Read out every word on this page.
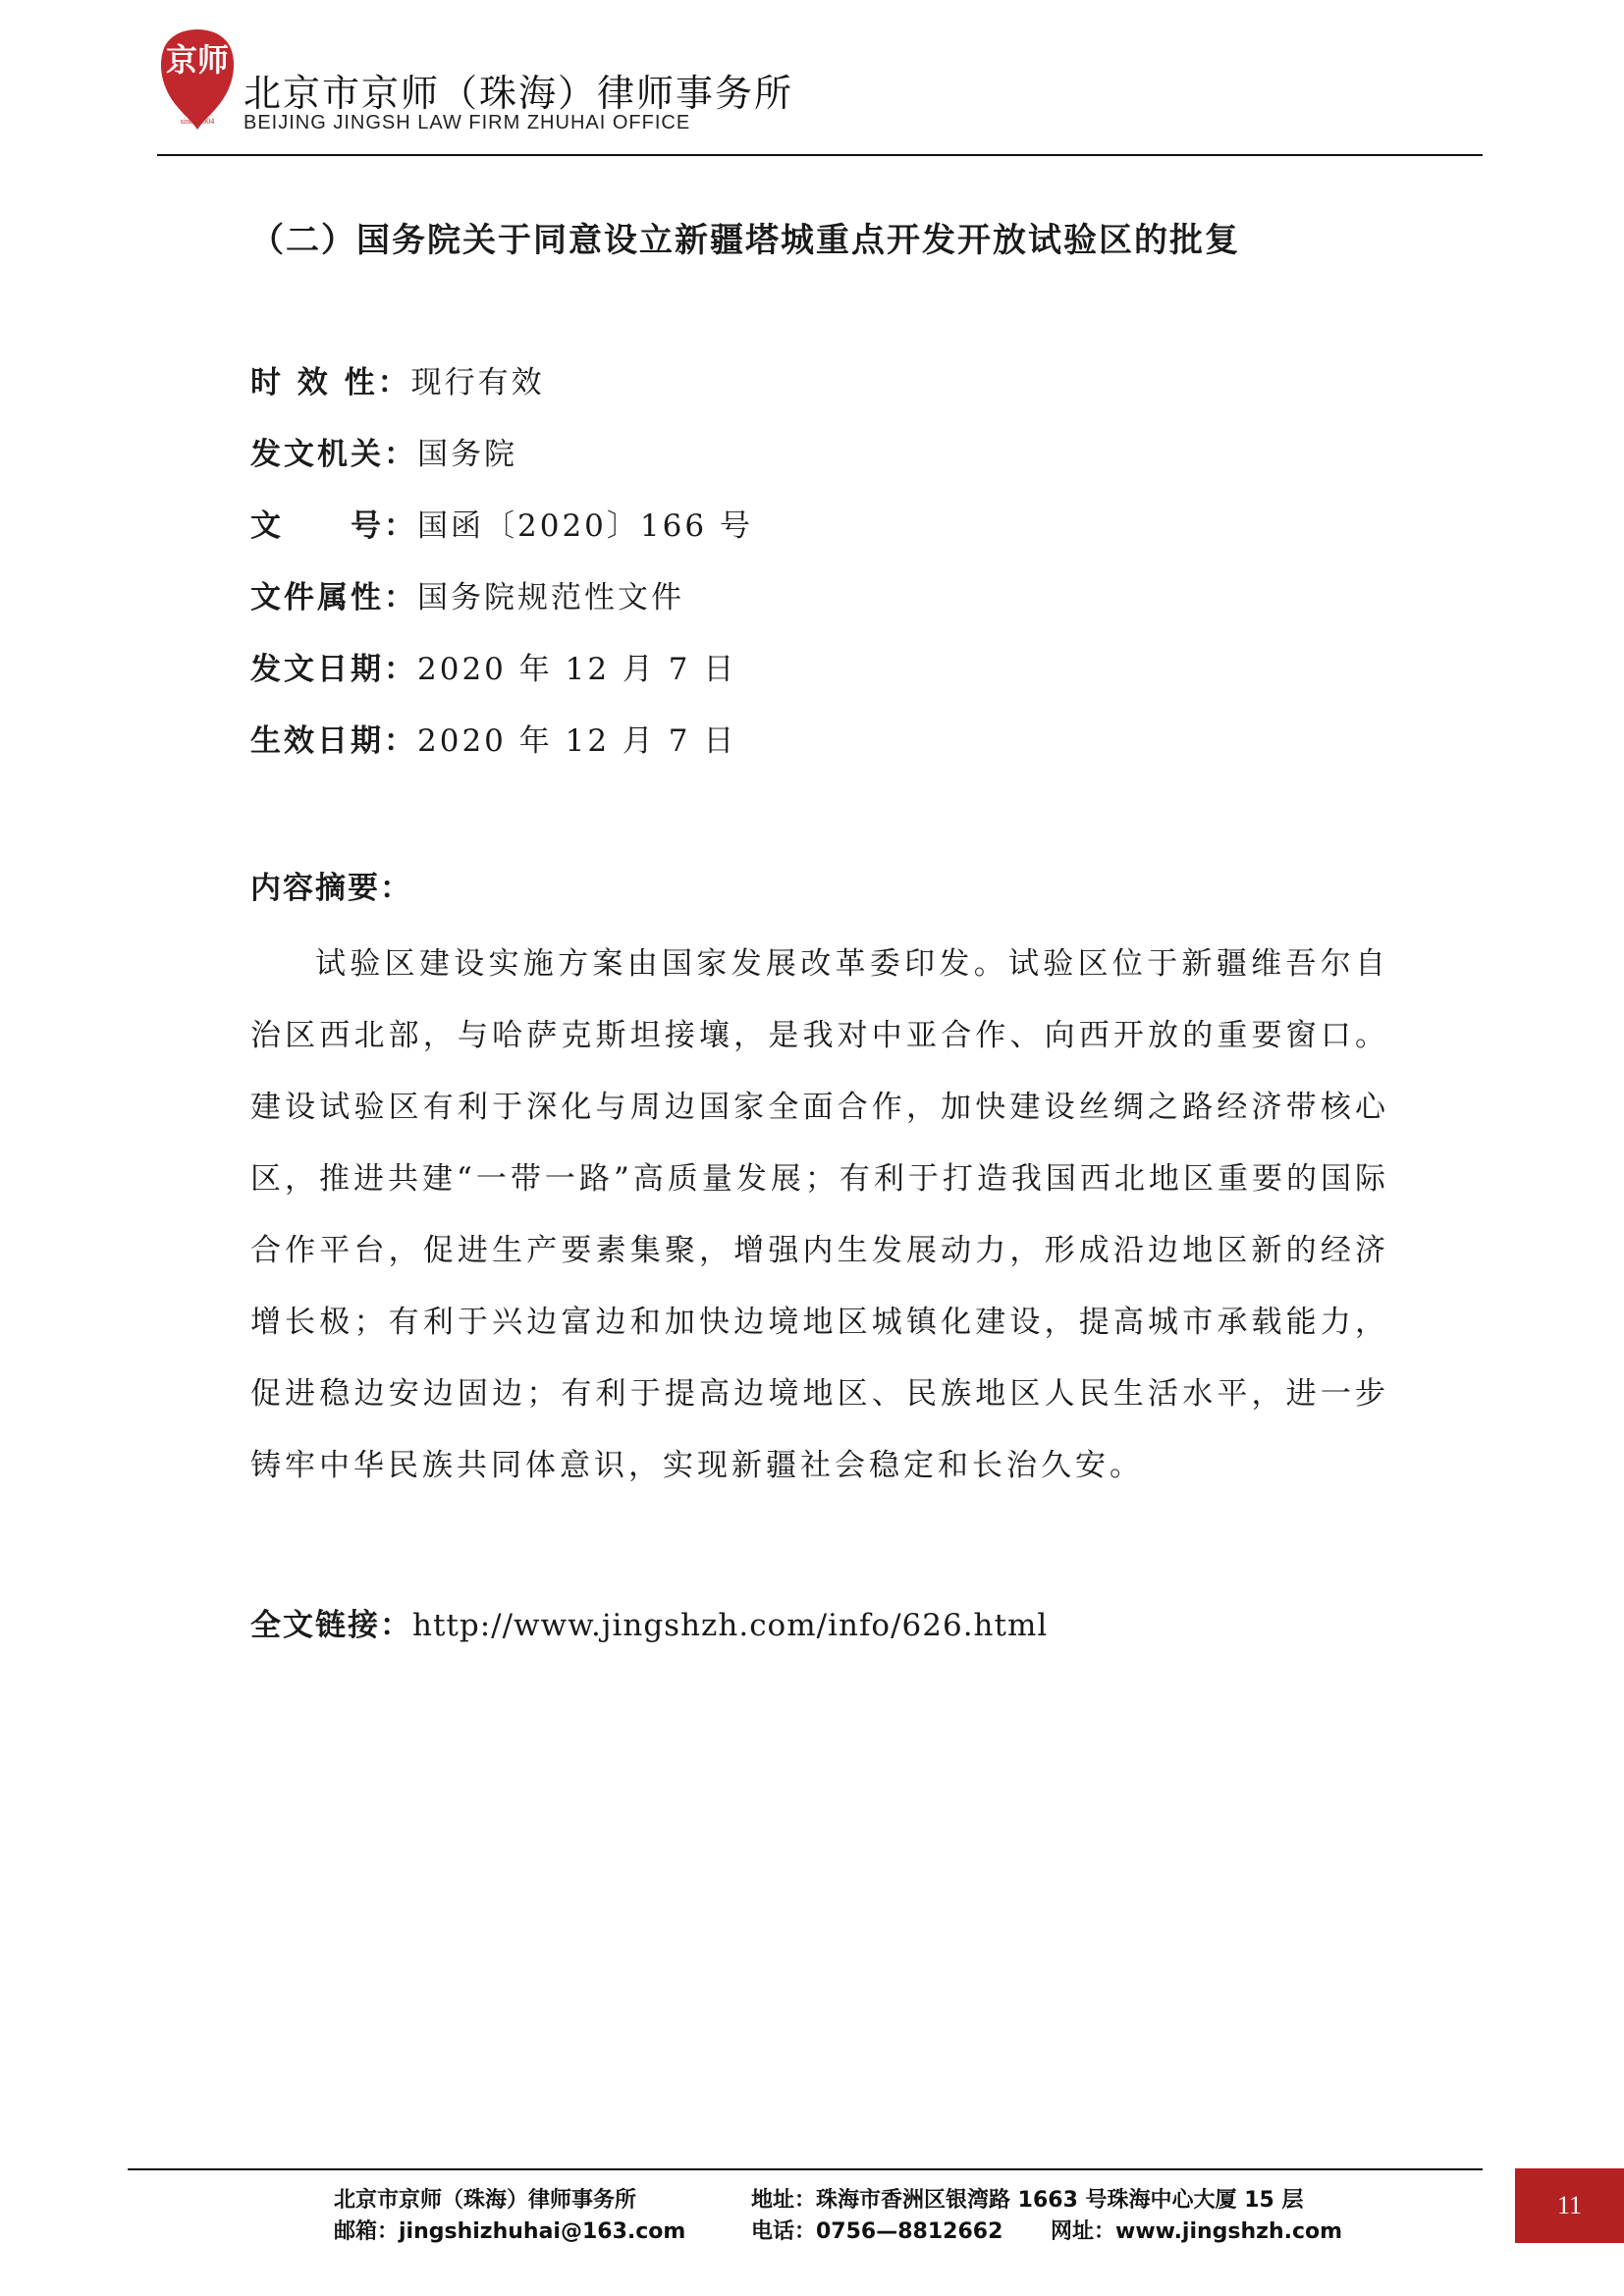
京师
since 2004
北京市京师（珠海）律师事务所
BEIJING JINGSH LAW FIRM ZHUHAI OFFICE
（二）国务院关于同意设立新疆塔城重点开发开放试验区的批复
时 效 性：现行有效
发文机关：国务院
文　　号：国函〔2020〕166 号
文件属性：国务院规范性文件
发文日期：2020 年 12 月 7 日
生效日期：2020 年 12 月 7 日
内容摘要：

试验区建设实施方案由国家发展改革委印发。试验区位于新疆维吾尔自治区西北部，与哈萨克斯坦接壤，是我对中亚合作、向西开放的重要窗口。建设试验区有利于深化与周边国家全面合作，加快建设丝绸之路经济带核心区，推进共建“一带一路”高质量发展；有利于打造我国西北地区重要的国际合作平台，促进生产要素集聚，增强内生发展动力，形成沿边地区新的经济增长极；有利于兴边富边和加快边境地区城镇化建设，提高城市承载能力，促进稳边安边固边；有利于提高边境地区、民族地区人民生活水平，进一步铸牢中华民族共同体意识，实现新疆社会稳定和长治久安。

全文链接：http://www.jingshzh.com/info/626.html
北京市京师（珠海）律师事务所	地址：珠海市香洲区银湾路 1663 号珠海中心大厦 15 层
邮箱：jingshizhuhai@163.com	电话：0756—8812662 网址：www.jingshzh.com
11
